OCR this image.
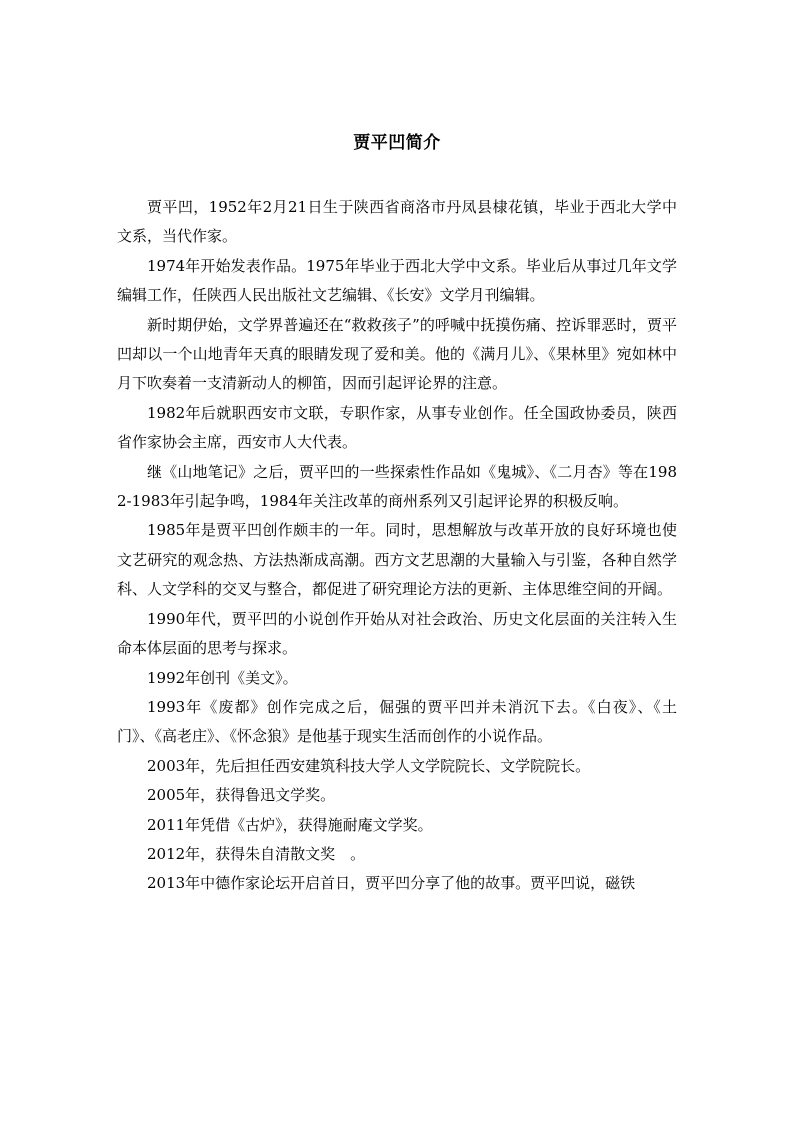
贾平凹简介

贾平凹，1952年2月21日生于陕西省商洛市丹凤县棣花镇，毕业于西北大学中文系，当代作家。

1974年开始发表作品。1975年毕业于西北大学中文系。毕业后从事过几年文学编辑工作，任陕西人民出版社文艺编辑、《长安》文学月刊编辑。

新时期伊始，文学界普遍还在“救救孩子”的呼喊中抚摸伤痛、控诉罪恶时，贾平凹却以一个山地青年天真的眼睛发现了爱和美。他的《满月儿》、《果林里》宛如林中月下吹奏着一支清新动人的柳笛，因而引起评论界的注意。

1982年后就职西安市文联，专职作家，从事专业创作。任全国政协委员，陕西省作家协会主席，西安市人大代表。

继《山地笔记》之后，贾平凹的一些探索性作品如《鬼城》、《二月杏》等在1982-1983年引起争鸣，1984年关注改革的商州系列又引起评论界的积极反响。

1985年是贾平凹创作颇丰的一年。同时，思想解放与改革开放的良好环境也使文艺研究的观念热、方法热渐成高潮。西方文艺思潮的大量输入与引鉴，各种自然学科、人文学科的交叉与整合，都促进了研究理论方法的更新、主体思维空间的开阔。

1990年代，贾平凹的小说创作开始从对社会政治、历史文化层面的关注转入生命本体层面的思考与探求。

1992年创刊《美文》。

1993年《废都》创作完成之后，倔强的贾平凹并未消沉下去。《白夜》、《土门》、《高老庄》、《怀念狼》是他基于现实生活而创作的小说作品。

2003年，先后担任西安建筑科技大学人文学院院长、文学院院长。

2005年，获得鲁迅文学奖。

2011年凭借《古炉》，获得施耐庵文学奖。

2012年，获得朱自清散文奖　。

2013年中德作家论坛开启首日，贾平凹分享了他的故事。贾平凹说，磁铁
